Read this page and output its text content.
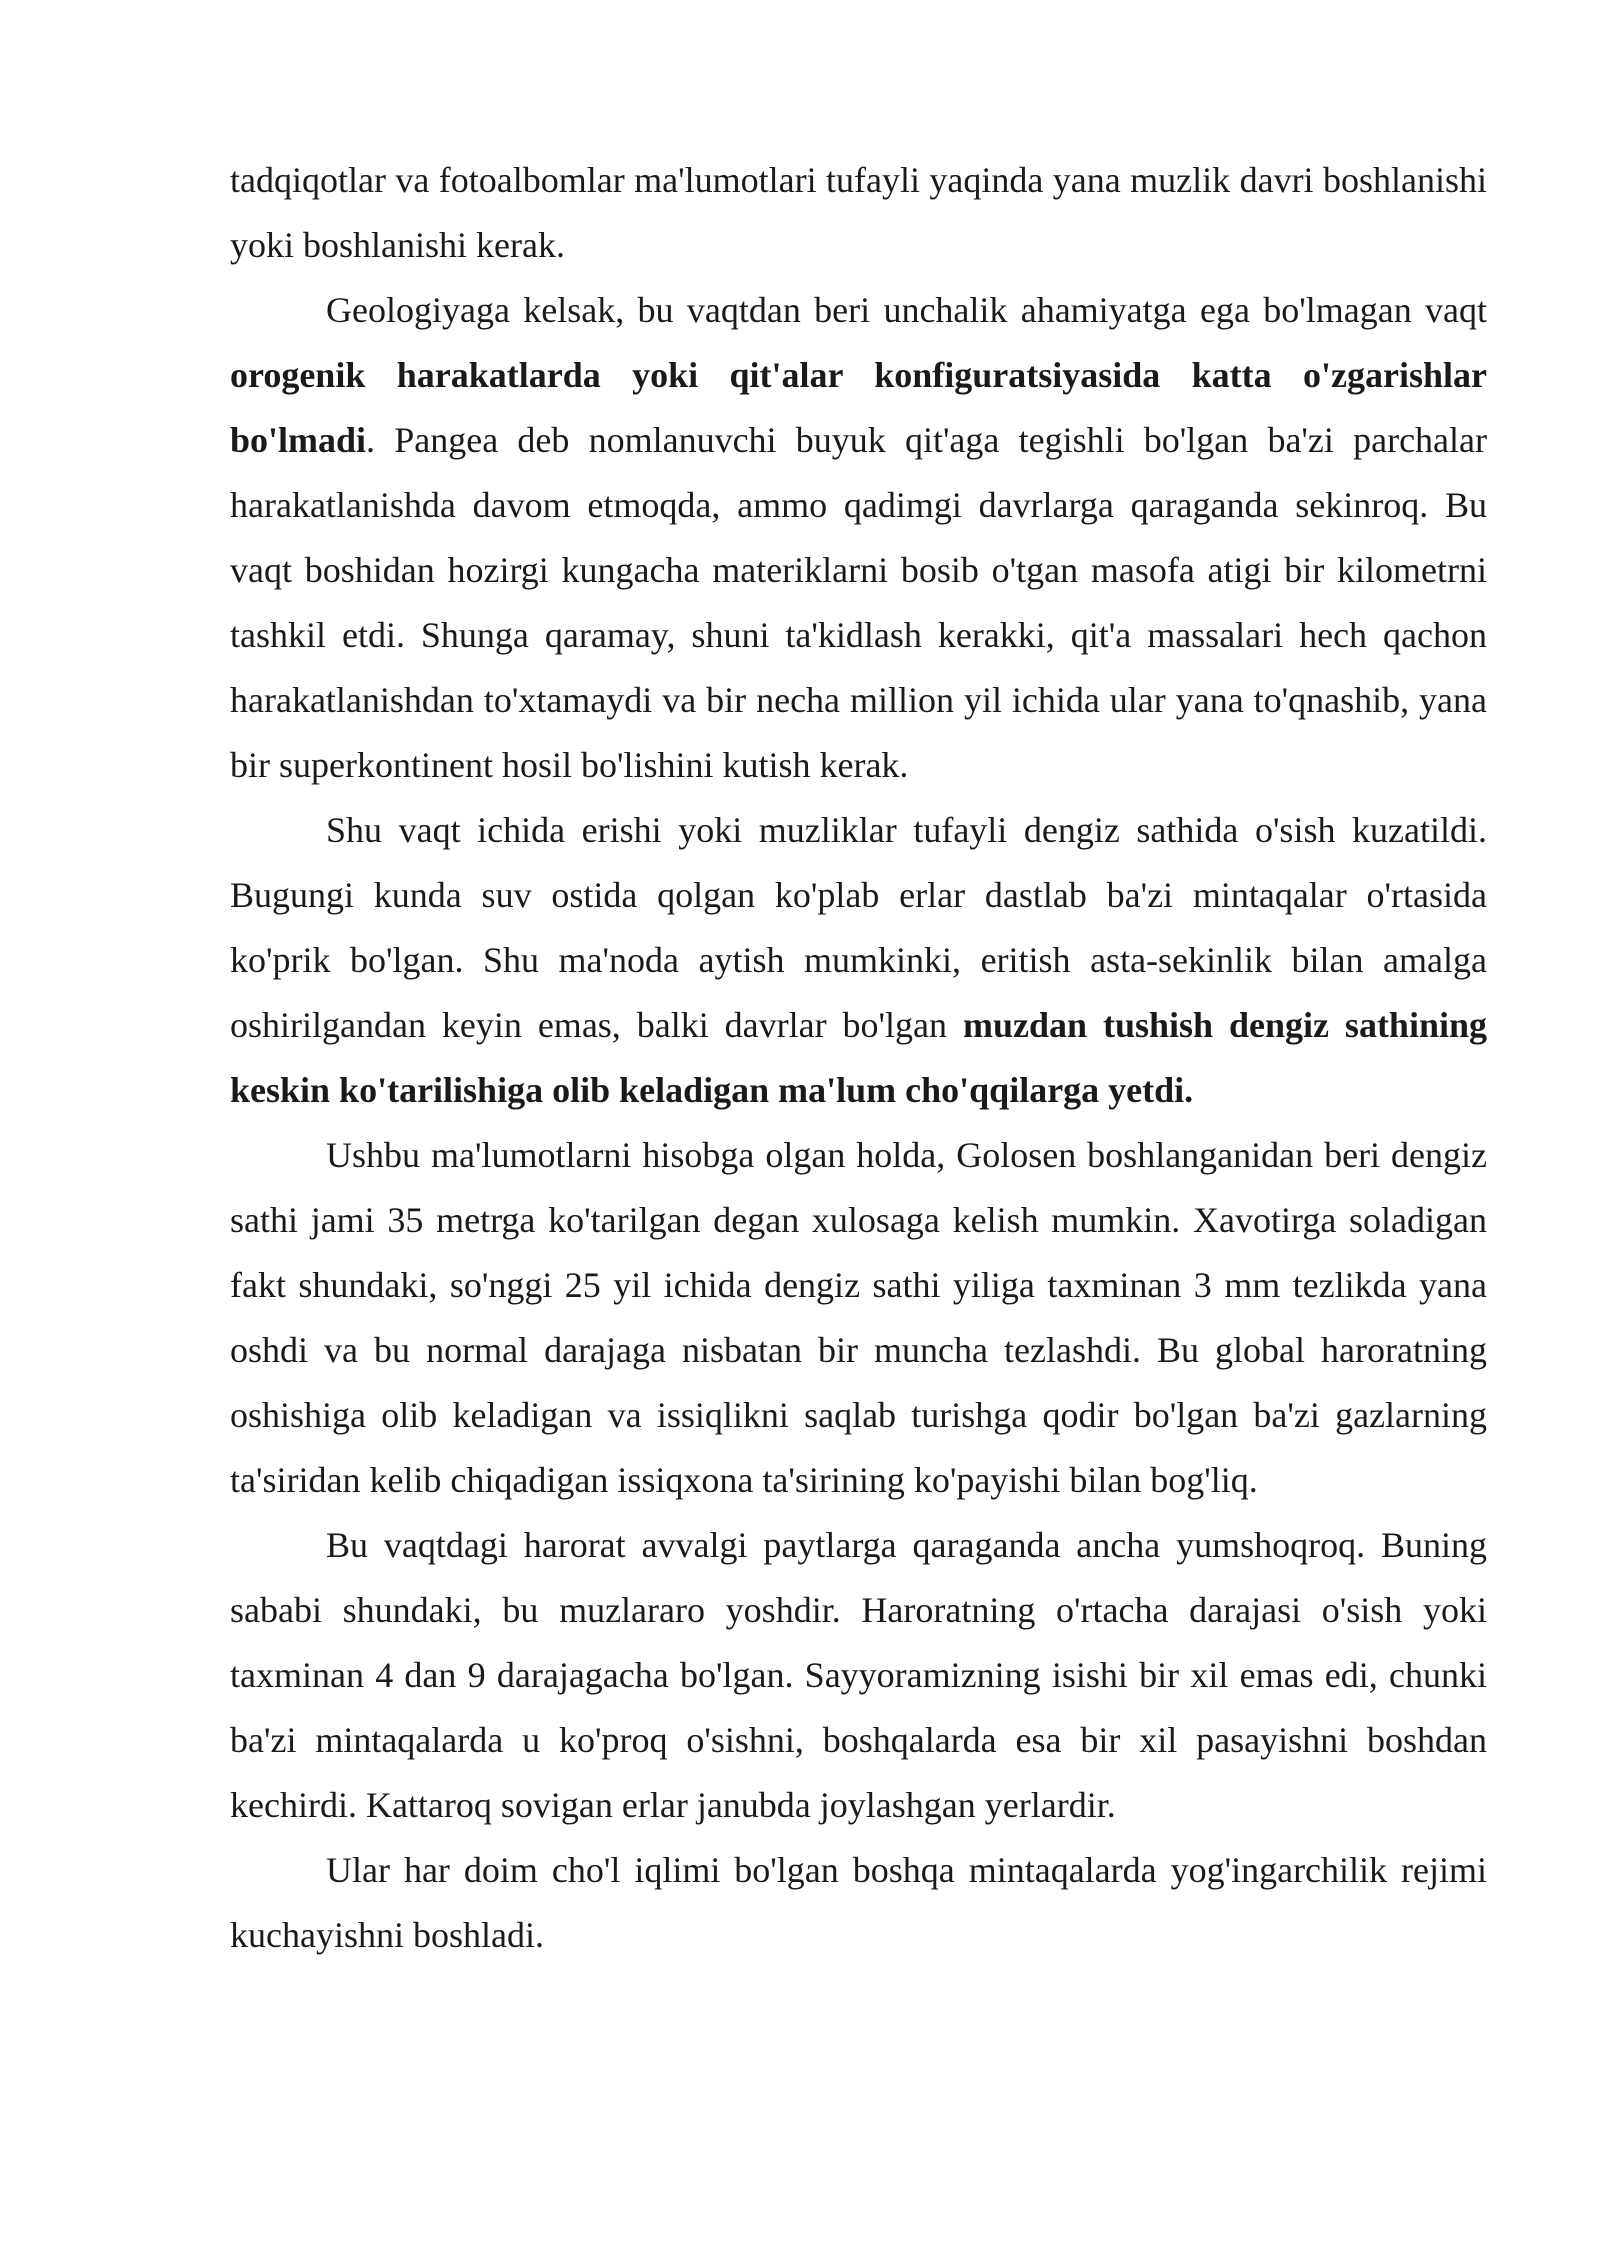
tadqiqotlar va fotoalbomlar ma'lumotlari tufayli yaqinda yana muzlik davri boshlanishi yoki boshlanishi kerak.

Geologiyaga kelsak, bu vaqtdan beri unchalik ahamiyatga ega bo'lmagan vaqt orogenik harakatlarda yoki qit'alar konfiguratsiyasida katta o'zgarishlar bo'lmadi. Pangea deb nomlanuvchi buyuk qit'aga tegishli bo'lgan ba'zi parchalar harakatlanishda davom etmoqda, ammo qadimgi davrlarga qaraganda sekinroq. Bu vaqt boshidan hozirgi kungacha materiklarni bosib o'tgan masofa atigi bir kilometrni tashkil etdi. Shunga qaramay, shuni ta'kidlash kerakki, qit'a massalari hech qachon harakatlanishdan to'xtamaydi va bir necha million yil ichida ular yana to'qnashib, yana bir superkontinent hosil bo'lishini kutish kerak.

Shu vaqt ichida erishi yoki muzliklar tufayli dengiz sathida o'sish kuzatildi. Bugungi kunda suv ostida qolgan ko'plab erlar dastlab ba'zi mintaqalar o'rtasida ko'prik bo'lgan. Shu ma'noda aytish mumkinki, eritish asta-sekinlik bilan amalga oshirilgandan keyin emas, balki davrlar bo'lgan muzdan tushish dengiz sathining keskin ko'tarilishiga olib keladigan ma'lum cho'qqilarga yetdi.

Ushbu ma'lumotlarni hisobga olgan holda, Golosen boshlanganidan beri dengiz sathi jami 35 metrga ko'tarilgan degan xulosaga kelish mumkin. Xavotirga soladigan fakt shundaki, so'nggi 25 yil ichida dengiz sathi yiliga taxminan 3 mm tezlikda yana oshdi va bu normal darajaga nisbatan bir muncha tezlashdi. Bu global haroratning oshishiga olib keladigan va issiqlikni saqlab turishga qodir bo'lgan ba'zi gazlarning ta'siridan kelib chiqadigan issiqxona ta'sirining ko'payishi bilan bog'liq.

Bu vaqtdagi harorat avvalgi paytlarga qaraganda ancha yumshoqroq. Buning sababi shundaki, bu muzlararo yoshdir. Haroratning o'rtacha darajasi o'sish yoki taxminan 4 dan 9 darajagacha bo'lgan. Sayyoramizning isishi bir xil emas edi, chunki ba'zi mintaqalarda u ko'proq o'sishni, boshqalarda esa bir xil pasayishni boshdan kechirdi. Kattaroq sovigan erlar janubda joylashgan yerlardir.

Ular har doim cho'l iqlimi bo'lgan boshqa mintaqalarda yog'ingarchilik rejimi kuchayishni boshladi.
